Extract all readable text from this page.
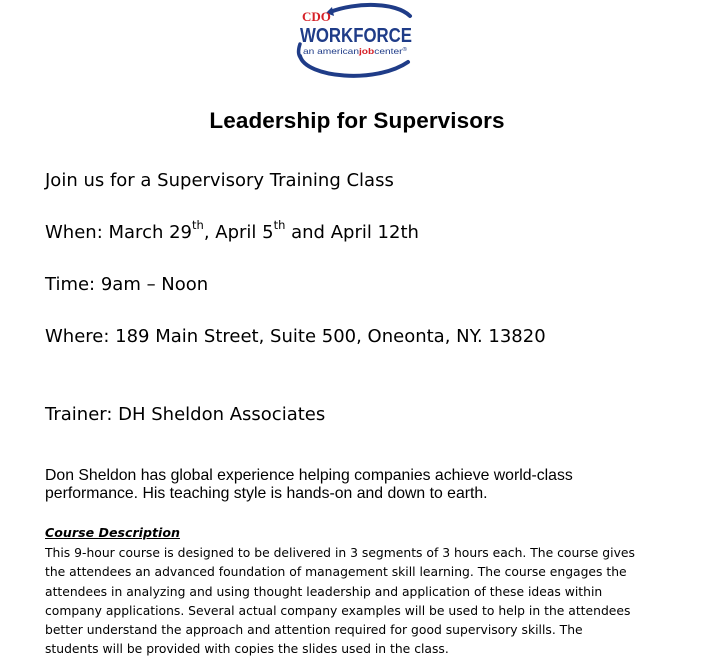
CDO
WORKFORCE
an american job center ®
Leadership for Supervisors

Join us for a Supervisory Training Class

When: March 29th, April 5th and April 12th

Time: 9am – Noon

Where: 189 Main Street, Suite 500, Oneonta, NY. 13820

Trainer: DH Sheldon Associates

Don Sheldon has global experience helping companies achieve world-class
performance. His teaching style is hands-on and down to earth.

Course Description

This 9-hour course is designed to be delivered in 3 segments of 3 hours each. The course gives
the attendees an advanced foundation of management skill learning. The course engages the
attendees in analyzing and using thought leadership and application of these ideas within
company applications. Several actual company examples will be used to help in the attendees
better understand the approach and attention required for good supervisory skills. The
students will be provided with copies the slides used in the class.
